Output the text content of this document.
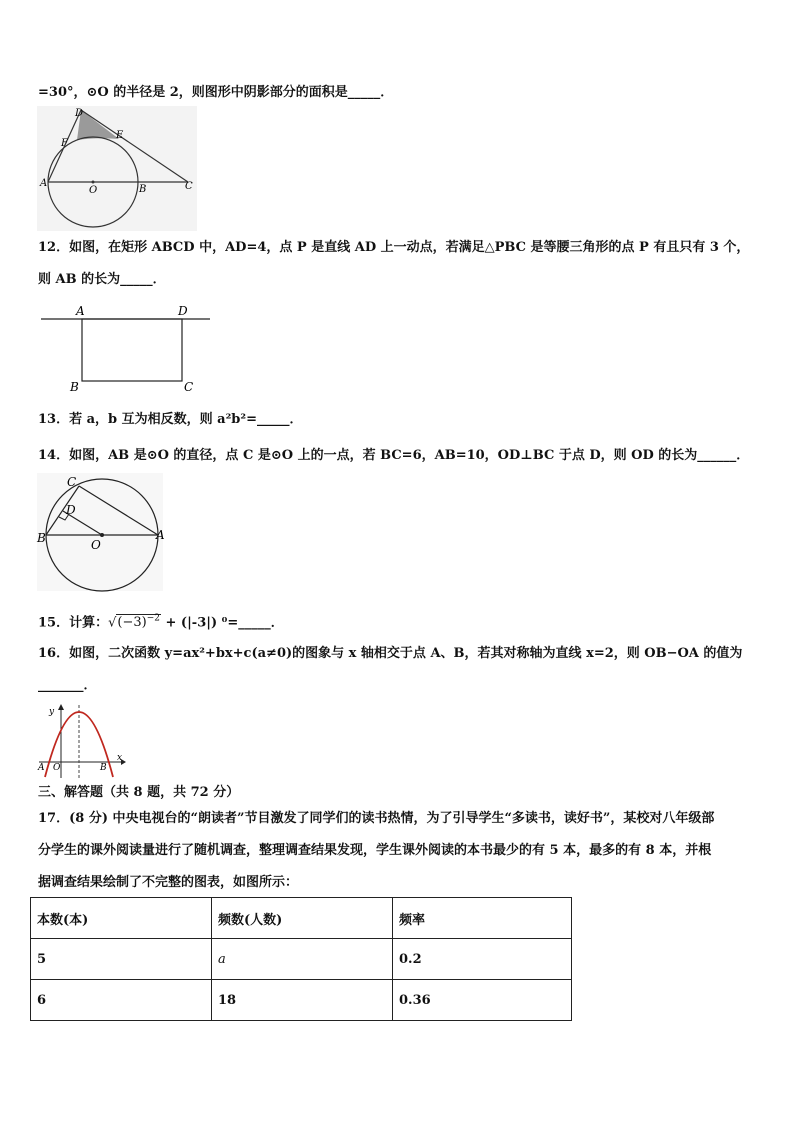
=30°，⊙O 的半径是 2，则图形中阴影部分的面积是_____．
D
F
E
A
O	B	C
12．如图，在矩形 ABCD 中，AD=4，点 P 是直线 AD 上一动点，若满足△PBC 是等腰三角形的点 P 有且只有 3 个，
则 AB 的长为_____．
A	D
B	C
13．若 a，b 互为相反数，则 a²b²=_____．
14．如图，AB 是⊙O 的直径，点 C 是⊙O 上的一点，若 BC=6，AB=10，OD⊥BC 于点 D，则 OD 的长为______．
C
D
B	O
A
15．计算：$√(-3)^{-2} + (|-3|)$ ⁰=_____．
16．如图，二次函数 y=ax²+bx+c(a≠0)的图象与 x 轴相交于点 A、B，若其对称轴为直线 x=2，则 OB−OA 的值为
_______．
y
x
A O	B
三、解答题（共 8 题，共 72 分）
17．(8 分) 中央电视台的“朗读者”节目激发了同学们的读书热情，为了引导学生“多读书，读好书”，某校对八年级部
分学生的课外阅读量进行了随机调查，整理调查结果发现，学生课外阅读的本书最少的有 5 本，最多的有 8 本，并根
据调查结果绘制了不完整的图表，如图所示：
本数(本)	频数(人数)	频率
5	a	0.2
6	18	0.36
